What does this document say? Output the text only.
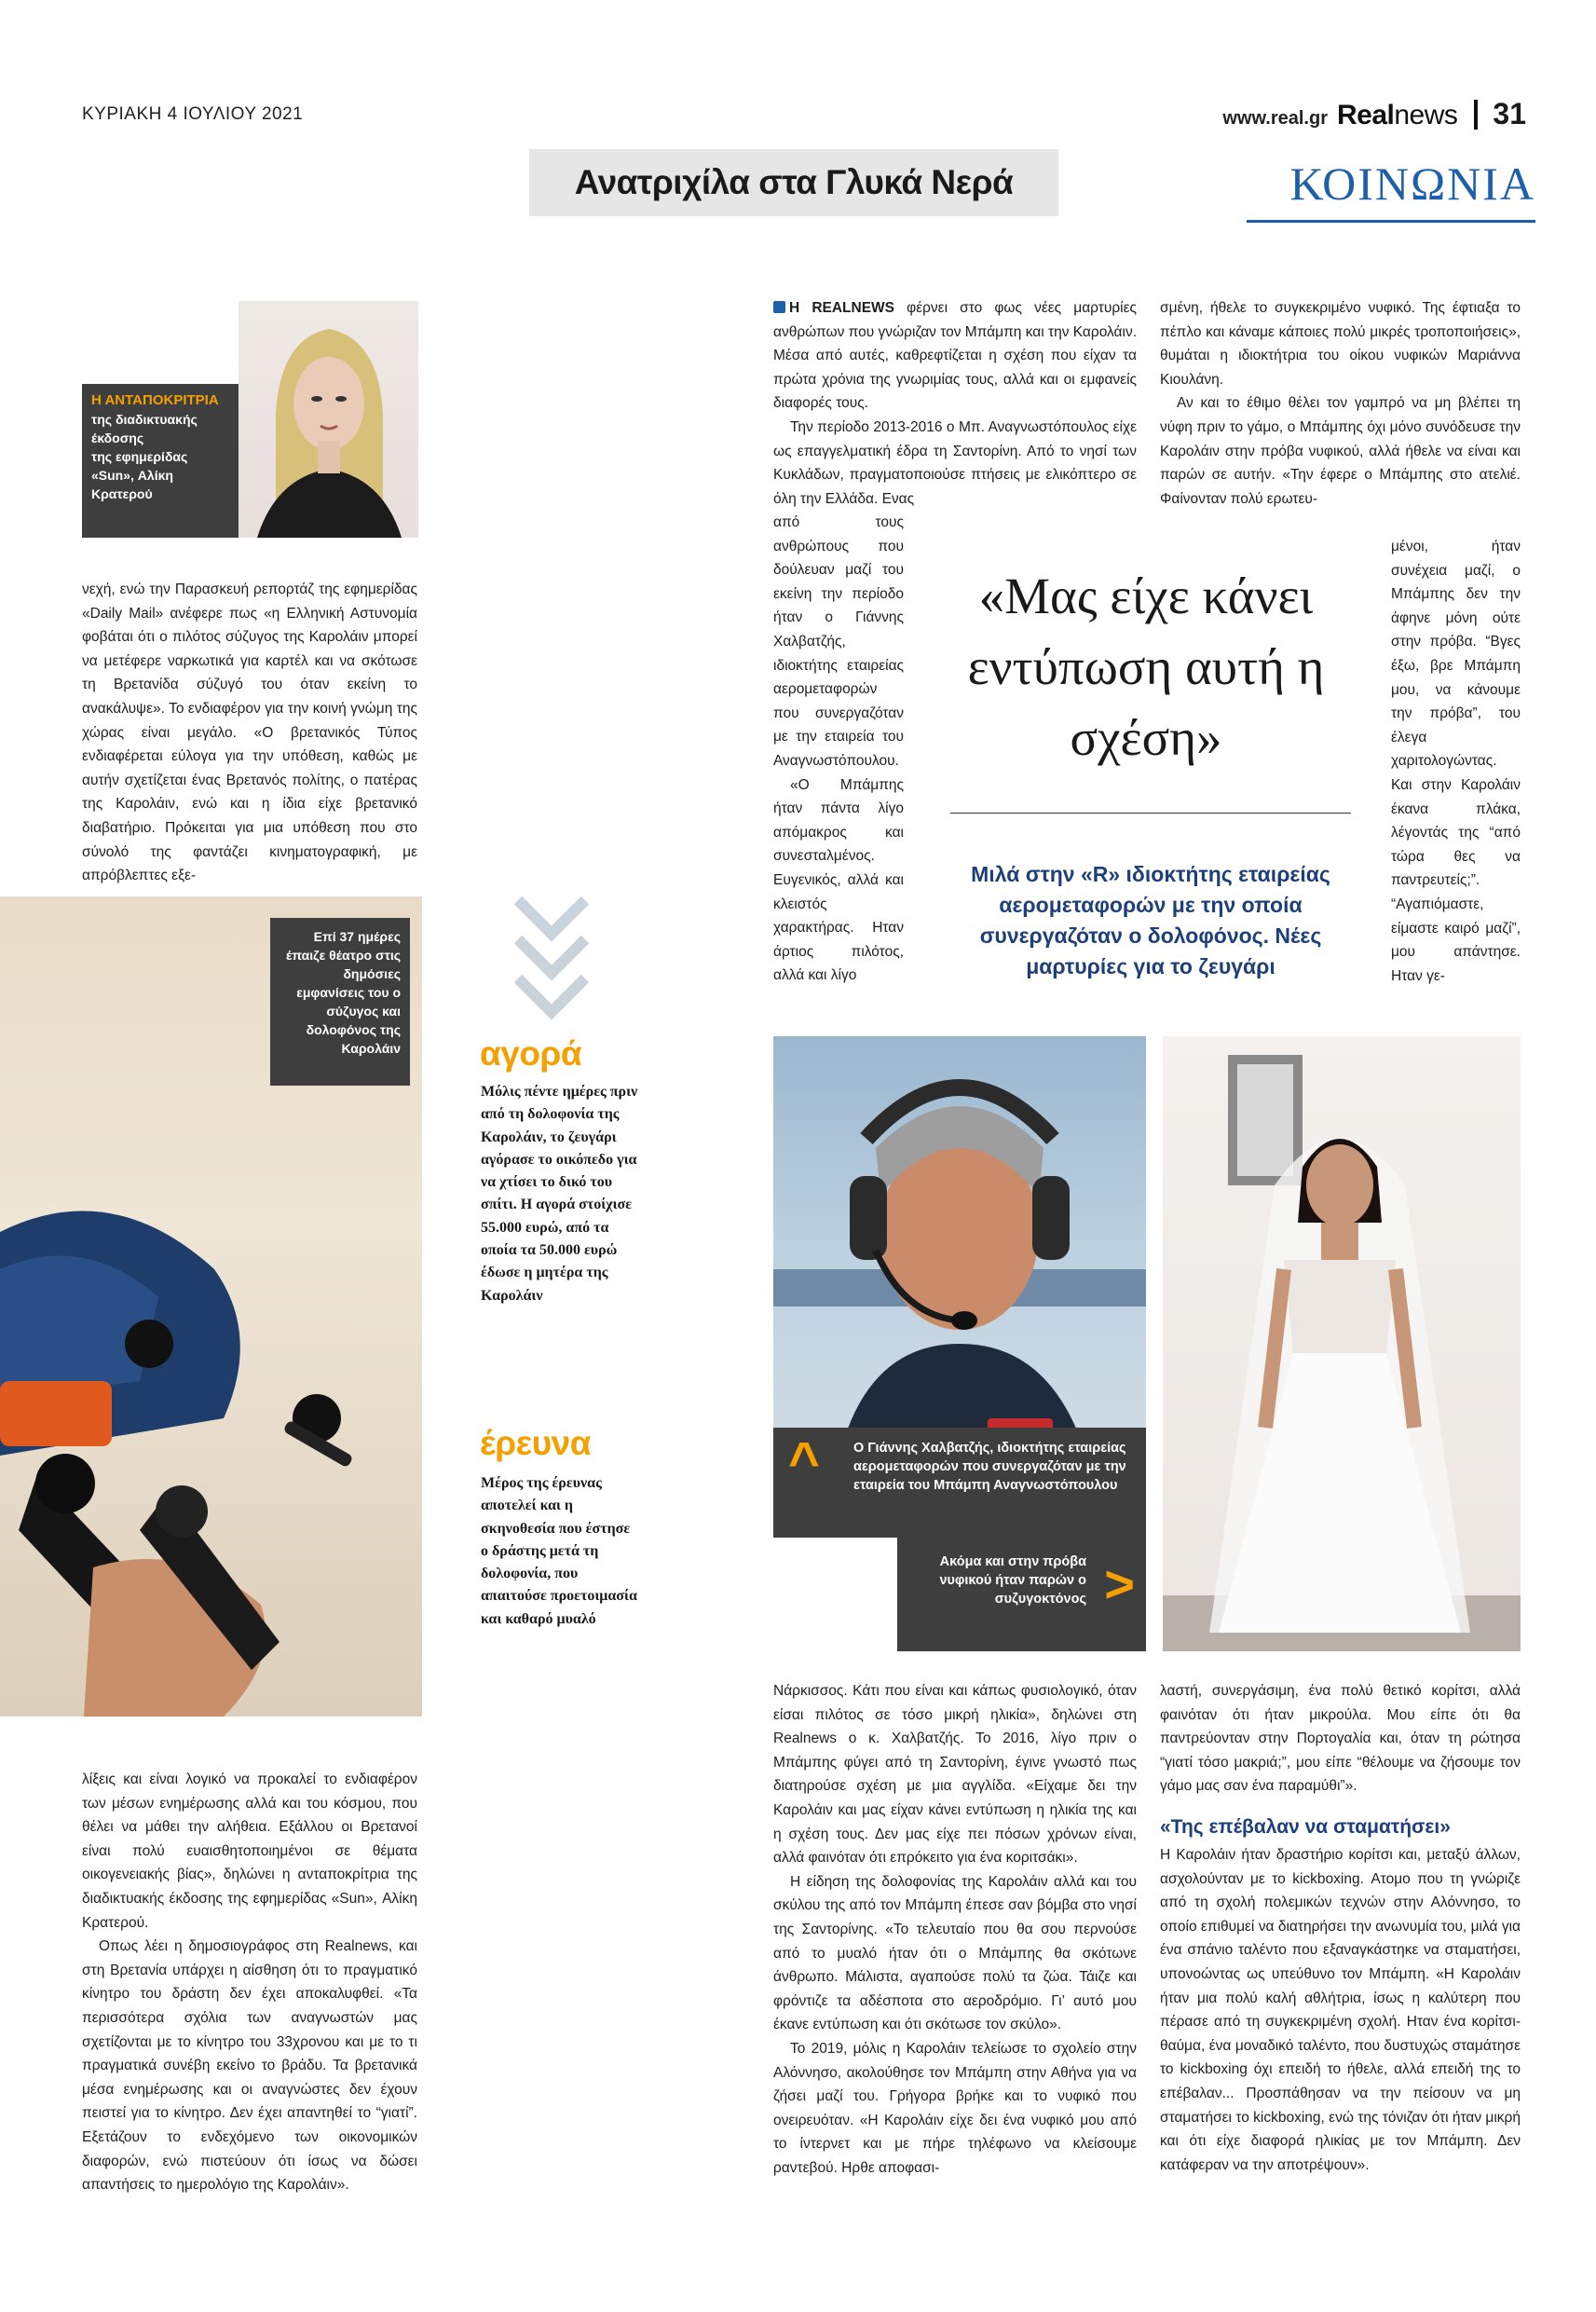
ΚΥΡΙΑΚΗ 4 ΙΟΥΛΙΟΥ 2021	www.real.gr Realnews 31
Ανατριχίλα στα Γλυκά Νερά	ΚΟΙΝΩΝΙΑ
Η ΑΝΤΑΠΟΚΡΙΤΡΙΑ
της διαδικτυακής
έκδοσης
της εφημερίδας
«Sun», Αλίκη
Κρατερού

νεχή, ενώ την Παρασκευή ρεπορτάζ της εφημερίδας «Daily Mail» ανέφερε πως «η Ελληνική Αστυνομία φοβάται ότι ο πιλότος σύζυγος της Καρολάιν μπορεί να μετέφερε ναρκωτικά για καρτέλ και να σκότωσε τη Βρετανίδα σύζυγό του όταν εκείνη το ανακάλυψε». Το ενδιαφέρον για την κοινή γνώμη της χώρας είναι μεγάλο. «Ο βρετανικός Τύπος ενδιαφέρεται εύλογα για την υπόθεση, καθώς με αυτήν σχετίζεται ένας Βρετανός πολίτης, ο πατέρας της Καρολάιν, ενώ και η ίδια είχε βρετανικό διαβατήριο. Πρόκειται για μια υπόθεση που στο σύνολό της φαντάζει κινηματογραφική, με απρόβλεπτες εξε-

Επί 37 ημέρες έπαιζε θέατρο στις δημόσιες εμφανίσεις του ο σύζυγος και δολοφόνος της Καρολάιν αγορά
Μόλις πέντε ημέρες πριν από τη δολοφονία της Καρολάιν, το ζευγάρι αγόρασε το οικόπεδο για να χτίσει το δικό του σπίτι. Η αγορά στοίχισε 55.000 ευρώ, από τα οποία τα 50.000 ευρώ έδωσε η μητέρα της Καρολάιν
έρευνα
Μέρος της έρευνας αποτελεί και η σκηνοθεσία που έστησε ο δράστης μετά τη δολοφονία, που απαιτούσε προετοιμασία και καθαρό μυαλό

λίξεις και είναι λογικό να προκαλεί το ενδιαφέρον των μέσων ενημέρωσης αλλά και του κόσμου, που θέλει να μάθει την αλήθεια. Εξάλλου οι Βρετανοί είναι πολύ ευαισθητοποιημένοι σε θέματα οικογενειακής βίας», δηλώνει η ανταποκρίτρια της διαδικτυακής έκδοσης της εφημερίδας «Sun», Αλίκη Κρατερού.

Οπως λέει η δημοσιογράφος στη Realnews, και στη Βρετανία υπάρχει η αίσθηση ότι το πραγματικό κίνητρο του δράστη δεν έχει αποκαλυφθεί. «Τα περισσότερα σχόλια των αναγνωστών μας σχετίζονται με το κίνητρο του 33χρονου και με το τι πραγματικά συνέβη εκείνο το βράδυ. Τα βρετανικά μέσα ενημέρωσης και οι αναγνώστες δεν έχουν πειστεί για το κίνητρο. Δεν έχει απαντηθεί το “γιατί”. Εξετάζουν το ενδεχόμενο των οικονομικών διαφορών, ενώ πιστεύουν ότι ίσως να δώσει απαντήσεις το ημερολόγιο της Καρολάιν».

Η REALNEWS φέρνει στο φως νέες μαρτυρίες ανθρώπων που γνώριζαν τον Μπάμπη και την Καρολάιν. Μέσα από αυτές, καθρεφτίζεται η σχέση που είχαν τα πρώτα χρόνια της γνωριμίας τους, αλλά και οι εμφανείς διαφορές τους.

Την περίοδο 2013-2016 ο Μπ. Αναγνωστόπουλος είχε ως επαγγελματική έδρα τη Σαντορίνη. Από το νησί των Κυκλάδων, πραγματοποιούσε πτήσεις με ελικόπτερο σε όλη την Ελλάδα. Ενας

από τους ανθρώπους που δούλευαν μαζί του εκείνη την περίοδο ήταν ο Γιάννης Χαλβατζής, ιδιοκτήτης εταιρείας αερομεταφορών που συνεργαζόταν με την εταιρεία του Αναγνωστόπουλου.

«Ο Μπάμπης ήταν πάντα λίγο απόμακρος και συνεσταλμένος. Ευγενικός, αλλά και κλειστός χαρακτήρας. Ηταν άρτιος πιλότος, αλλά και λίγο

σμένη, ήθελε το συγκεκριμένο νυφικό. Της έφτιαξα το πέπλο και κάναμε κάποιες πολύ μικρές τροποποιήσεις», θυμάται η ιδιοκτήτρια του οίκου νυφικών Μαριάννα Κιουλάνη.

Αν και το έθιμο θέλει τον γαμπρό να μη βλέπει τη νύφη πριν το γάμο, ο Μπάμπης όχι μόνο συνόδευσε την Καρολάιν στην πρόβα νυφικού, αλλά ήθελε να είναι και παρών σε αυτήν. «Την έφερε ο Μπάμπης στο ατελιέ. Φαίνονταν πολύ ερωτευ-

μένοι, ήταν συνέχεια μαζί, ο Μπάμπης δεν την άφηνε μόνη ούτε στην πρόβα. “Βγες έξω, βρε Μπάμπη μου, να κάνουμε την πρόβα”, του έλεγα χαριτολογώντας. Και στην Καρολάιν έκανα πλάκα, λέγοντάς της “από τώρα θες να παντρευτείς;”. “Αγαπιόμαστε, είμαστε καιρό μαζί”, μου απάντησε. Ηταν γε-

«Μας είχε κάνει εντύπωση αυτή η σχέση»
Μιλά στην «R» ιδιοκτήτης εταιρείας αερομεταφορών με την οποία συνεργαζόταν ο δολοφόνος. Νέες μαρτυρίες για το ζευγάρι
^ Ο Γιάννης Χαλβατζής, ιδιοκτήτης εταιρείας αερομεταφορών που συνεργαζόταν με την εταιρεία του Μπάμπη Αναγνωστόπουλου
Ακόμα και στην πρόβα νυφικού ήταν παρών ο συζυγοκτόνος >

Νάρκισσος. Κάτι που είναι και κάπως φυσιολογικό, όταν είσαι πιλότος σε τόσο μικρή ηλικία», δηλώνει στη Realnews ο κ. Χαλβατζής. Το 2016, λίγο πριν ο Μπάμπης φύγει από τη Σαντορίνη, έγινε γνωστό πως διατηρούσε σχέση με μια αγγλίδα. «Είχαμε δει την Καρολάιν και μας είχαν κάνει εντύπωση η ηλικία της και η σχέση τους. Δεν μας είχε πει πόσων χρόνων είναι, αλλά φαινόταν ότι επρόκειτο για ένα κοριτσάκι».

Η είδηση της δολοφονίας της Καρολάιν αλλά και του σκύλου της από τον Μπάμπη έπεσε σαν βόμβα στο νησί της Σαντορίνης. «Το τελευταίο που θα σου περνούσε από το μυαλό ήταν ότι ο Μπάμπης θα σκότωνε άνθρωπο. Μάλιστα, αγαπούσε πολύ τα ζώα. Τάιζε και φρόντιζε τα αδέσποτα στο αεροδρόμιο. Γι’ αυτό μου έκανε εντύπωση και ότι σκότωσε τον σκύλο».

Το 2019, μόλις η Καρολάιν τελείωσε το σχολείο στην Αλόννησο, ακολούθησε τον Μπάμπη στην Αθήνα για να ζήσει μαζί του. Γρήγορα βρήκε και το νυφικό που ονειρευόταν. «Η Καρολάιν είχε δει ένα νυφικό μου από το ίντερνετ και με πήρε τηλέφωνο να κλείσουμε ραντεβού. Ηρθε αποφασι-

λαστή, συνεργάσιμη, ένα πολύ θετικό κορίτσι, αλλά φαινόταν ότι ήταν μικρούλα. Μου είπε ότι θα παντρεύονταν στην Πορτογαλία και, όταν τη ρώτησα “γιατί τόσο μακριά;”, μου είπε “θέλουμε να ζήσουμε τον γάμο μας σαν ένα παραμύθι”».

«Της επέβαλαν να σταματήσει»

Η Καρολάιν ήταν δραστήριο κορίτσι και, μεταξύ άλλων, ασχολούνταν με το kickboxing. Ατομο που τη γνώριζε από τη σχολή πολεμικών τεχνών στην Αλόννησο, το οποίο επιθυμεί να διατηρήσει την ανωνυμία του, μιλά για ένα σπάνιο ταλέντο που εξαναγκάστηκε να σταματήσει, υπονοώντας ως υπεύθυνο τον Μπάμπη. «Η Καρολάιν ήταν μια πολύ καλή αθλήτρια, ίσως η καλύτερη που πέρασε από τη συγκεκριμένη σχολή. Ηταν ένα κορίτσι-θαύμα, ένα μοναδικό ταλέντο, που δυστυχώς σταμάτησε το kickboxing όχι επειδή το ήθελε, αλλά επειδή της το επέβαλαν... Προσπάθησαν να την πείσουν να μη σταματήσει το kickboxing, ενώ της τόνιζαν ότι ήταν μικρή και ότι είχε διαφορά ηλικίας με τον Μπάμπη. Δεν κατάφεραν να την αποτρέψουν».
